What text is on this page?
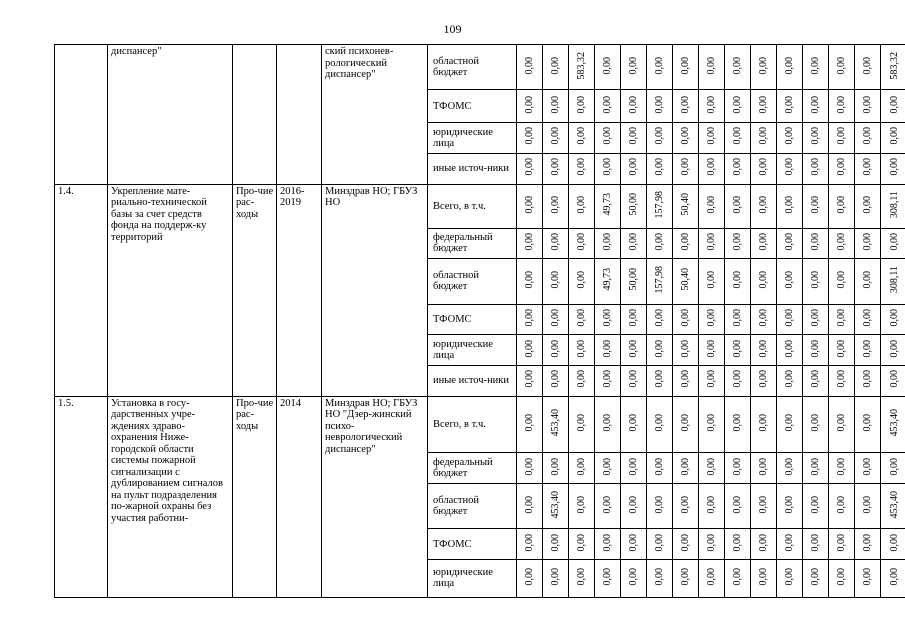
109
	диспансер"			ский психонев-рологический диспансер"	областной бюджет	0,00	0,00	583,32	0,00	0,00	0,00	0,00	0,00	0,00	0,00	0,00	0,00	0,00	0,00	583,32
					ТФОМС	0,00	0,00	0,00	0,00	0,00	0,00	0,00	0,00	0,00	0,00	0,00	0,00	0,00	0,00	0,00
					юридические лица	0,00	0,00	0,00	0,00	0,00	0,00	0,00	0,00	0,00	0,00	0,00	0,00	0,00	0,00	0,00
					иные источ-ники	0,00	0,00	0,00	0,00	0,00	0,00	0,00	0,00	0,00	0,00	0,00	0,00	0,00	0,00	0,00
1.4.	Укрепление мате-риально-технической базы за счет средств фонда на поддерж-ку территорий	Про-чие рас-ходы	2016-2019	Минздрав НО; ГБУЗ НО	Всего, в т.ч.	0,00	0,00	0,00	49,73	50,00	157,98	50,40	0,00	0,00	0,00	0,00	0,00	0,00	0,00	308,11
					федеральный бюджет	0,00	0,00	0,00	0,00	0,00	0,00	0,00	0,00	0,00	0,00	0,00	0,00	0,00	0,00	0,00
					областной бюджет	0,00	0,00	0,00	49,73	50,00	157,98	50,40	0,00	0,00	0,00	0,00	0,00	0,00	0,00	308,11
					ТФОМС	0,00	0,00	0,00	0,00	0,00	0,00	0,00	0,00	0,00	0,00	0,00	0,00	0,00	0,00	0,00
					юридические лица	0,00	0,00	0,00	0,00	0,00	0,00	0,00	0,00	0,00	0,00	0,00	0,00	0,00	0,00	0,00
					иные источ-ники	0,00	0,00	0,00	0,00	0,00	0,00	0,00	0,00	0,00	0,00	0,00	0,00	0,00	0,00	0,00
1.5.	Установка в госу-дарственных учре-ждениях здраво-охранения Ниже-городской области системы пожарной сигнализации с дублированием сигналов на пульт подразделения по-жарной охраны без участия работни-	Про-чие рас-ходы	2014	Минздрав НО; ГБУЗ НО "Дзер-жинский психо-неврологический диспансер"	Всего, в т.ч.	0,00	453,40	0,00	0,00	0,00	0,00	0,00	0,00	0,00	0,00	0,00	0,00	0,00	0,00	453,40
					федеральный бюджет	0,00	0,00	0,00	0,00	0,00	0,00	0,00	0,00	0,00	0,00	0,00	0,00	0,00	0,00	0,00
					областной бюджет	0,00	453,40	0,00	0,00	0,00	0,00	0,00	0,00	0,00	0,00	0,00	0,00	0,00	0,00	453,40
					ТФОМС	0,00	0,00	0,00	0,00	0,00	0,00	0,00	0,00	0,00	0,00	0,00	0,00	0,00	0,00	0,00
					юридические лица	0,00	0,00	0,00	0,00	0,00	0,00	0,00	0,00	0,00	0,00	0,00	0,00	0,00	0,00	0,00
